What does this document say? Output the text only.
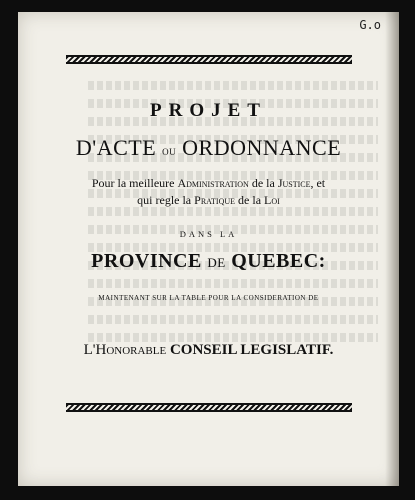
G.o
PROJET
D'ACTE ou ORDONNANCE
Pour la meilleure Administration de la Justice, et
qui regle la Pratique de la Loi
DANS LA
PROVINCE DE QUEBEC:
MAINTENANT SUR LA TABLE POUR LA CONSIDERATION DE
L'Honorable CONSEIL LEGISLATIF.
